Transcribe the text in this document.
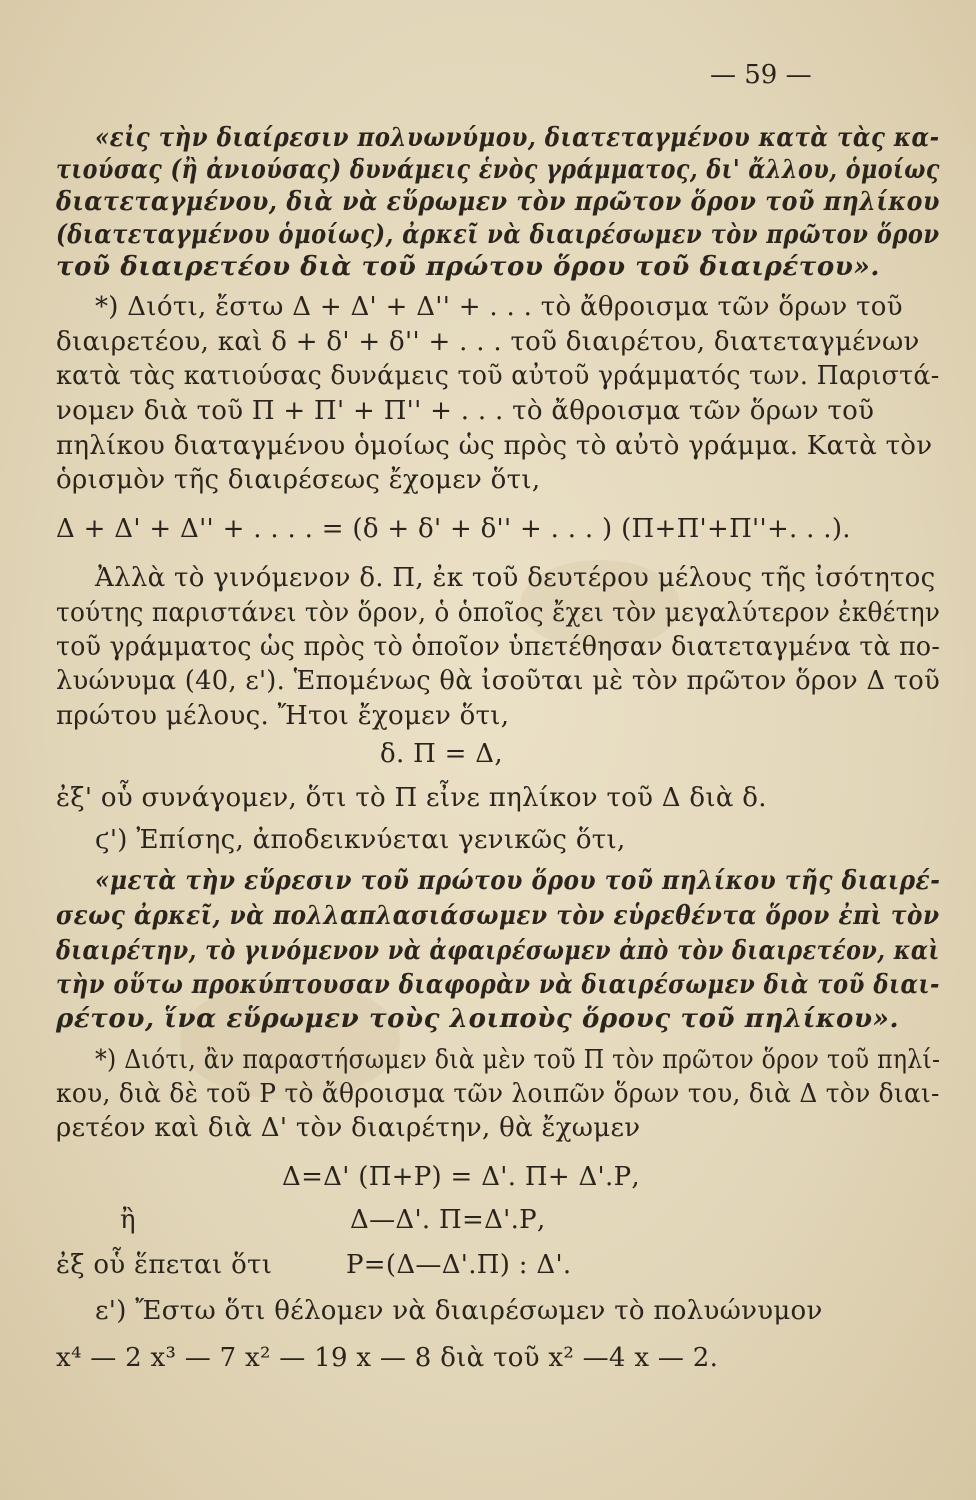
— 59 —
«εἰς τὴν διαίρεσιν πολυωνύμου, διατεταγμένου κατὰ τὰς κα-
τιούσας (ἢ ἀνιούσας) δυνάμεις ἑνὸς γράμματος, δι' ἄλλου, ὁμοίως
διατεταγμένου, διὰ νὰ εὕρωμεν τὸν πρῶτον ὅρον τοῦ πηλίκου
(διατεταγμένου ὁμοίως), ἀρκεῖ νὰ διαιρέσωμεν τὸν πρῶτον ὅρον
τοῦ διαιρετέου διὰ τοῦ πρώτου ὅρου τοῦ διαιρέτου».
*) Διότι, ἔστω Δ + Δ' + Δ'' + . . . τὸ ἄθροισμα τῶν ὅρων τοῦ
διαιρετέου, καὶ δ + δ' + δ'' + . . . τοῦ διαιρέτου, διατεταγμένων
κατὰ τὰς κατιούσας δυνάμεις τοῦ αὐτοῦ γράμματός των. Παριστά-
νομεν διὰ τοῦ Π + Π' + Π'' + . . . τὸ ἄθροισμα τῶν ὅρων τοῦ
πηλίκου διαταγμένου ὁμοίως ὡς πρὸς τὸ αὐτὸ γράμμα. Κατὰ τὸν
ὁρισμὸν τῆς διαιρέσεως ἔχομεν ὅτι,
Δ + Δ' + Δ'' + . . . . = (δ + δ' + δ'' + . . . ) (Π+Π'+Π''+. . .).
Ἀλλὰ τὸ γινόμενον δ. Π, ἐκ τοῦ δευτέρου μέλους τῆς ἰσότητος
τούτης παριστάνει τὸν ὅρον, ὁ ὁποῖος ἔχει τὸν μεγαλύτερον ἐκθέτην
τοῦ γράμματος ὡς πρὸς τὸ ὁποῖον ὑπετέθησαν διατεταγμένα τὰ πο-
λυώνυμα (40, ε'). Ἑπομένως θὰ ἰσοῦται μὲ τὸν πρῶτον ὅρον Δ τοῦ
πρώτου μέλους. Ἤτοι ἔχομεν ὅτι,
δ. Π = Δ,
ἐξ' οὗ συνάγομεν, ὅτι τὸ Π εἶνε πηλίκον τοῦ Δ διὰ δ.
ϛ') Ἐπίσης, ἀποδεικνύεται γενικῶς ὅτι,
«μετὰ τὴν εὕρεσιν τοῦ πρώτου ὅρου τοῦ πηλίκου τῆς διαιρέ-
σεως ἀρκεῖ, νὰ πολλαπλασιάσωμεν τὸν εὑρεθέντα ὅρον ἐπὶ τὸν
διαιρέτην, τὸ γινόμενον νὰ ἀφαιρέσωμεν ἀπὸ τὸν διαιρετέον, καὶ
τὴν οὕτω προκύπτουσαν διαφορὰν νὰ διαιρέσωμεν διὰ τοῦ διαι-
ρέτου, ἵνα εὕρωμεν τοὺς λοιποὺς ὅρους τοῦ πηλίκου».
*) Διότι, ἂν παραστήσωμεν διὰ μὲν τοῦ Π τὸν πρῶτον ὅρον τοῦ πηλί-
κου, διὰ δὲ τοῦ Ρ τὸ ἄθροισμα τῶν λοιπῶν ὅρων του, διὰ Δ τὸν διαι-
ρετέον καὶ διὰ Δ' τὸν διαιρέτην, θὰ ἔχωμεν
Δ=Δ' (Π+Ρ) = Δ'. Π+ Δ'.Ρ,
ἢ	Δ—Δ'. Π=Δ'.Ρ,
ἐξ οὗ ἕπεται ὅτι	Ρ=(Δ—Δ'.Π) : Δ'.
ε') Ἔστω ὅτι θέλομεν νὰ διαιρέσωμεν τὸ πολυώνυμον
x⁴ — 2 x³ — 7 x² — 19 x — 8 διὰ τοῦ x² —4 x — 2.
